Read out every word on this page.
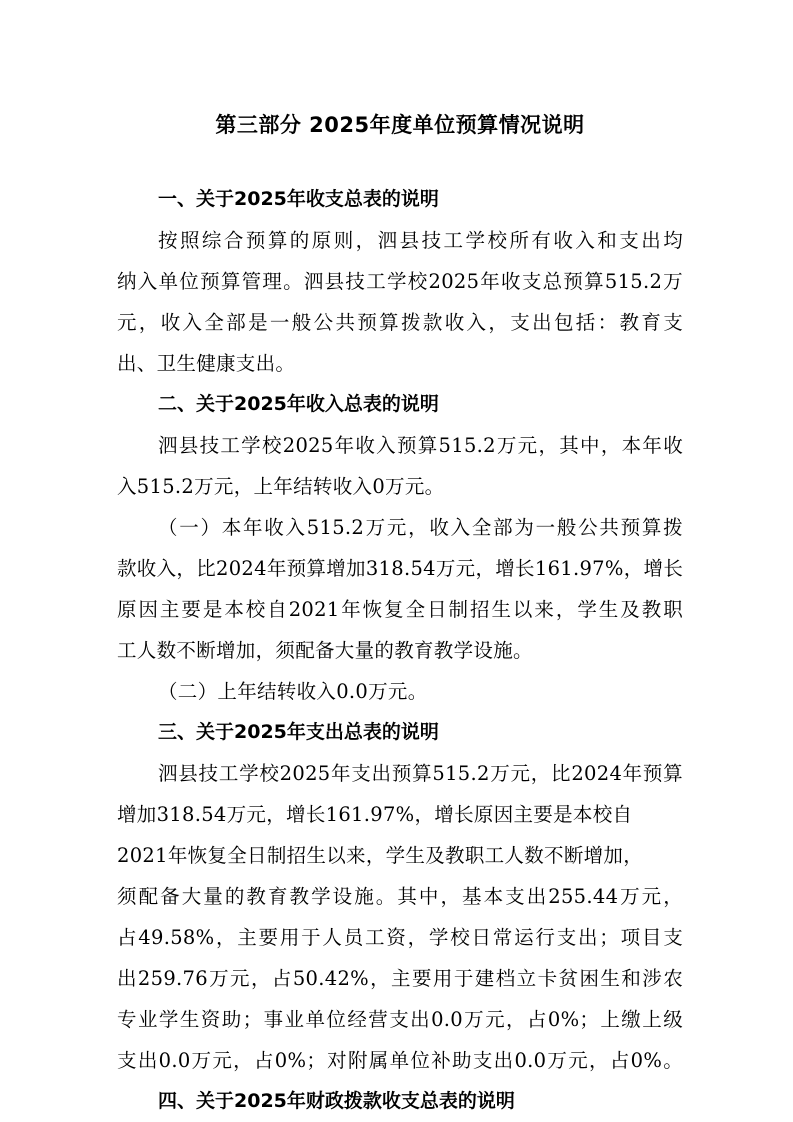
第三部分 2025年度单位预算情况说明
一、关于2025年收支总表的说明

按照综合预算的原则，泗县技工学校所有收入和支出均
纳入单位预算管理。泗县技工学校2025年收支总预算515.2万
元，收入全部是一般公共预算拨款收入，支出包括：教育支
出、卫生健康支出。

二、关于2025年收入总表的说明

泗县技工学校2025年收入预算515.2万元，其中，本年收
入515.2万元，上年结转收入0万元。

（一）本年收入515.2万元，收入全部为一般公共预算拨
款收入，比2024年预算增加318.54万元，增长161.97%，增长
原因主要是本校自2021年恢复全日制招生以来，学生及教职
工人数不断增加，须配备大量的教育教学设施。

（二）上年结转收入0.0万元。

三、关于2025年支出总表的说明

泗县技工学校2025年支出预算515.2万元，比2024年预算
增加318.54万元，增长161.97%，增长原因主要是本校自
2021年恢复全日制招生以来，学生及教职工人数不断增加，
须配备大量的教育教学设施。其中，基本支出255.44万元，
占49.58%，主要用于人员工资，学校日常运行支出；项目支
出259.76万元，占50.42%，主要用于建档立卡贫困生和涉农
专业学生资助；事业单位经营支出0.0万元，占0%；上缴上级
支出0.0万元，占0%；对附属单位补助支出0.0万元，占0%。

四、关于2025年财政拨款收支总表的说明
